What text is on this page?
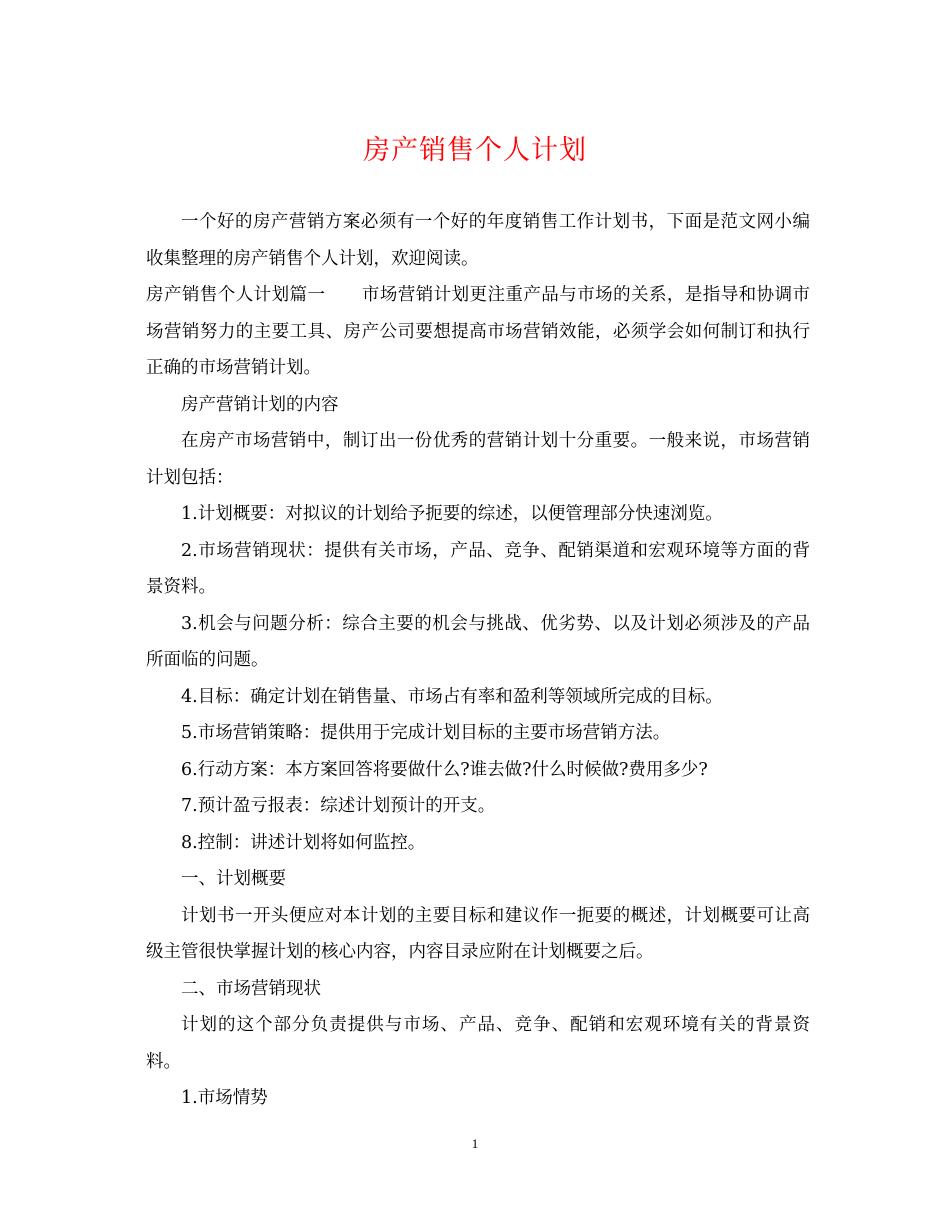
房产销售个人计划

一个好的房产营销方案必须有一个好的年度销售工作计划书，下面是范文网小编收集整理的房产销售个人计划，欢迎阅读。

房产销售个人计划篇一 市场营销计划更注重产品与市场的关系，是指导和协调市场营销努力的主要工具、房产公司要想提高市场营销效能，必须学会如何制订和执行正确的市场营销计划。

房产营销计划的内容

在房产市场营销中，制订出一份优秀的营销计划十分重要。一般来说，市场营销计划包括：

1.计划概要：对拟议的计划给予扼要的综述，以便管理部分快速浏览。

2.市场营销现状：提供有关市场，产品、竞争、配销渠道和宏观环境等方面的背景资料。

3.机会与问题分析：综合主要的机会与挑战、优劣势、以及计划必须涉及的产品所面临的问题。

4.目标：确定计划在销售量、市场占有率和盈利等领域所完成的目标。

5.市场营销策略：提供用于完成计划目标的主要市场营销方法。

6.行动方案：本方案回答将要做什么?谁去做?什么时候做?费用多少?

7.预计盈亏报表：综述计划预计的开支。

8.控制：讲述计划将如何监控。

一、计划概要

计划书一开头便应对本计划的主要目标和建议作一扼要的概述，计划概要可让高级主管很快掌握计划的核心内容，内容目录应附在计划概要之后。

二、市场营销现状

计划的这个部分负责提供与市场、产品、竞争、配销和宏观环境有关的背景资料。

1.市场情势

1
